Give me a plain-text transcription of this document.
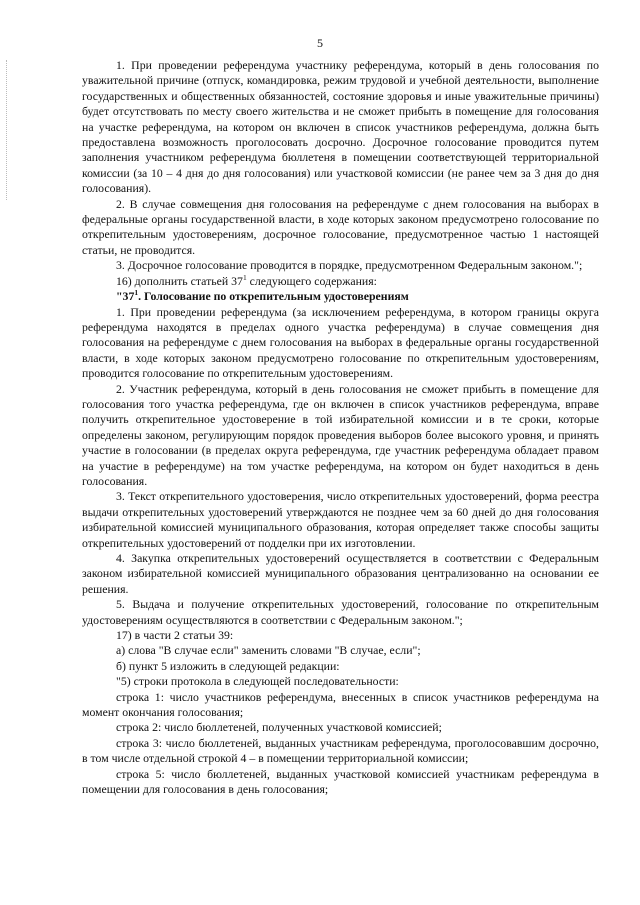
5

1. При проведении референдума участнику референдума, который в день голосования по уважительной причине (отпуск, командировка, режим трудовой и учебной деятельности, выполнение государственных и общественных обязанностей, состояние здоровья и иные уважительные причины) будет отсутствовать по месту своего жительства и не сможет прибыть в помещение для голосования на участке референдума, на котором он включен в список участников референдума, должна быть предоставлена возможность проголосовать досрочно. Досрочное голосование проводится путем заполнения участником референдума бюллетеня в помещении соответствующей территориальной комиссии (за 10 – 4 дня до дня голосования) или участковой комиссии (не ранее чем за 3 дня до дня голосования).

2. В случае совмещения дня голосования на референдуме с днем голосования на выборах в федеральные органы государственной власти, в ходе которых законом предусмотрено голосование по открепительным удостоверениям, досрочное голосование, предусмотренное частью 1 настоящей статьи, не проводится.

3. Досрочное голосование проводится в порядке, предусмотренном Федеральным законом.";

16) дополнить статьей $37^1$ следующего содержания:

"$37^1$. Голосование по открепительным удостоверениям

1. При проведении референдума (за исключением референдума, в котором границы округа референдума находятся в пределах одного участка референдума) в случае совмещения дня голосования на референдуме с днем голосования на выборах в федеральные органы государственной власти, в ходе которых законом предусмотрено голосование по открепительным удостоверениям, проводится голосование по открепительным удостоверениям.

2. Участник референдума, который в день голосования не сможет прибыть в помещение для голосования того участка референдума, где он включен в список участников референдума, вправе получить открепительное удостоверение в той избирательной комиссии и в те сроки, которые определены законом, регулирующим порядок проведения выборов более высокого уровня, и принять участие в голосовании (в пределах округа референдума, где участник референдума обладает правом на участие в референдуме) на том участке референдума, на котором он будет находиться в день голосования.

3. Текст открепительного удостоверения, число открепительных удостоверений, форма реестра выдачи открепительных удостоверений утверждаются не позднее чем за 60 дней до дня голосования избирательной комиссией муниципального образования, которая определяет также способы защиты открепительных удостоверений от подделки при их изготовлении.

4. Закупка открепительных удостоверений осуществляется в соответствии с Федеральным законом избирательной комиссией муниципального образования централизованно на основании ее решения.

5. Выдача и получение открепительных удостоверений, голосование по открепительным удостоверениям осуществляются в соответствии с Федеральным законом.";

17) в части 2 статьи 39:

а) слова "В случае если" заменить словами "В случае, если";

б) пункт 5 изложить в следующей редакции:

"5) строки протокола в следующей последовательности:

строка 1: число участников референдума, внесенных в список участников референдума на момент окончания голосования;

строка 2: число бюллетеней, полученных участковой комиссией;

строка 3: число бюллетеней, выданных участникам референдума, проголосовавшим досрочно, в том числе отдельной строкой 4 – в помещении территориальной комиссии;

строка 5: число бюллетеней, выданных участковой комиссией участникам референдума в помещении для голосования в день голосования;
